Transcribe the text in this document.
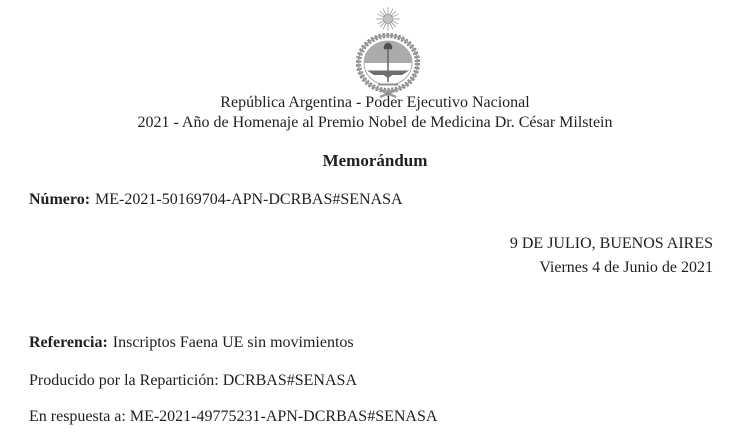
República Argentina - Poder Ejecutivo Nacional
2021 - Año de Homenaje al Premio Nobel de Medicina Dr. César Milstein
Memorándum
Número: ME-2021-50169704-APN-DCRBAS#SENASA
9 DE JULIO, BUENOS AIRES
Viernes 4 de Junio de 2021
Referencia: Inscriptos Faena UE sin movimientos
Producido por la Repartición: DCRBAS#SENASA
En respuesta a: ME-2021-49775231-APN-DCRBAS#SENASA
